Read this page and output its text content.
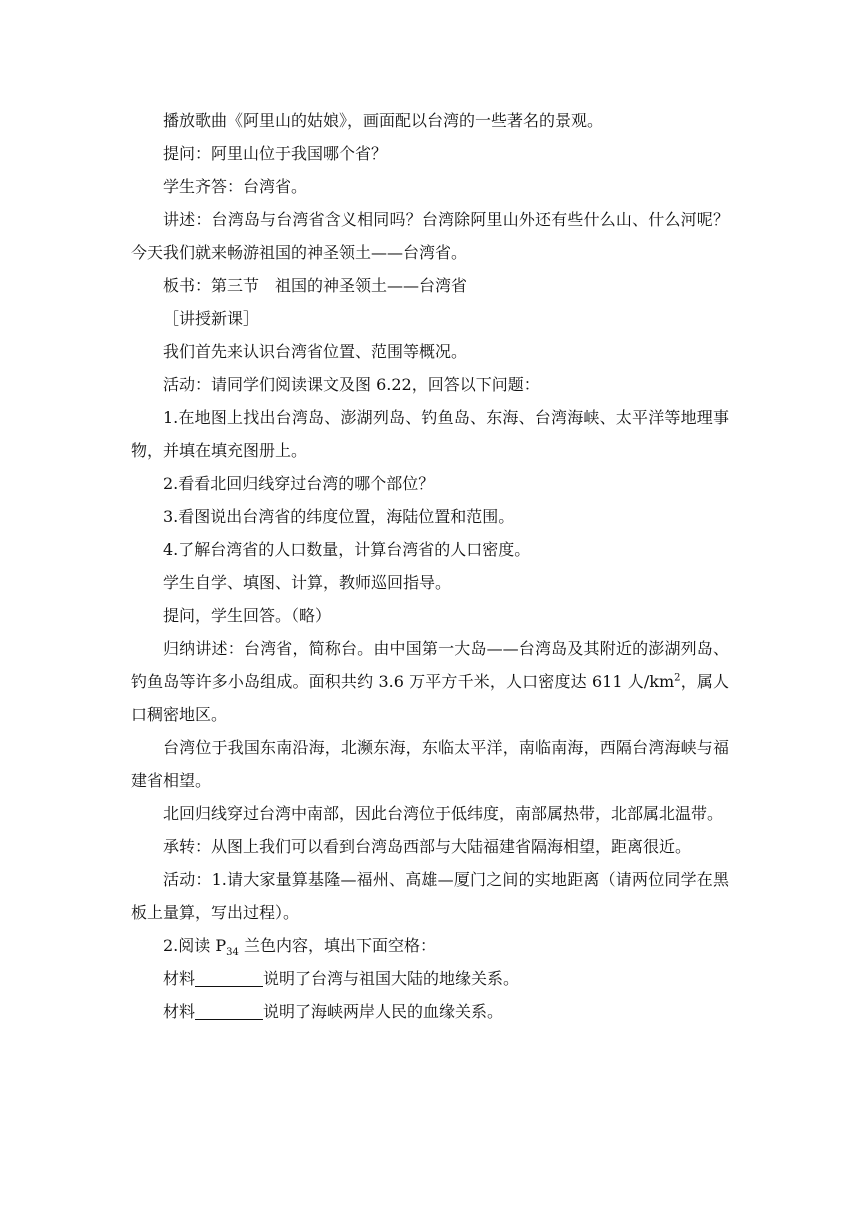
播放歌曲《阿里山的姑娘》，画面配以台湾的一些著名的景观。

提问：阿里山位于我国哪个省？

学生齐答：台湾省。

讲述：台湾岛与台湾省含义相同吗？台湾除阿里山外还有些什么山、什么河呢？今天我们就来畅游祖国的神圣领土——台湾省。

板书：第三节　祖国的神圣领土——台湾省

［讲授新课］

我们首先来认识台湾省位置、范围等概况。

活动：请同学们阅读课文及图 6.22，回答以下问题：

1.在地图上找出台湾岛、澎湖列岛、钓鱼岛、东海、台湾海峡、太平洋等地理事物，并填在填充图册上。

2.看看北回归线穿过台湾的哪个部位？

3.看图说出台湾省的纬度位置，海陆位置和范围。

4.了解台湾省的人口数量，计算台湾省的人口密度。

学生自学、填图、计算，教师巡回指导。

提问，学生回答。（略）

归纳讲述：台湾省，简称台。由中国第一大岛——台湾岛及其附近的澎湖列岛、钓鱼岛等许多小岛组成。面积共约 3.6 万平方千米，人口密度达 611 人$/km^2$，属人口稠密地区。

台湾位于我国东南沿海，北濒东海，东临太平洋，南临南海，西隔台湾海峡与福建省相望。

北回归线穿过台湾中南部，因此台湾位于低纬度，南部属热带，北部属北温带。

承转：从图上我们可以看到台湾岛西部与大陆福建省隔海相望，距离很近。

活动：1.请大家量算基隆—福州、高雄—厦门之间的实地距离（请两位同学在黑板上量算，写出过程）。

2.阅读 $P_{34}$ 兰色内容，填出下面空格：

材料	说明了台湾与祖国大陆的地缘关系。

材料	说明了海峡两岸人民的血缘关系。
